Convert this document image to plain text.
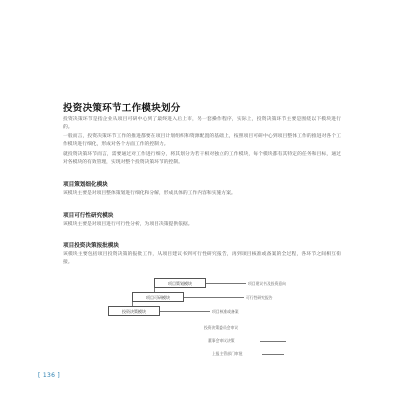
投资决策环节工作模块划分
投资决策环节是指企业从项目可研中心到了最终进入后上市，另一套操作程序，实际上，投资决策环节主要是围绕以下模块进行的。
一般而言，投资决策环节工作的推进都要在项目计划组织和资源配置的基础上，按照项目可研中心到项目整体工作的推进对各个工作模块进行细化，形成对各个方面工作的控制力。
就投资决策环节而言，需要通过对工作进行细分，将其划分为若干相对独立的工作模块，每个模块都有其特定的任务和目标，通过对各模块的有效管理，实现对整个投资决策环节的控制。
项目策划细化模块
该模块主要是对项目整体策划进行细化和分解，形成具体的工作内容和实施方案。
项目可行性研究模块
该模块主要是对项目进行可行性分析，为项目决策提供依据。
项目投资决策报批模块
该模块主要包括项目投资决策的报批工作，从项目建议书到可行性研究报告，再到项目核准或备案的全过程，各环节之间相互衔接。
项目策划模块
项目可研模块
投资决策模块
项目建议书及投资意向
可行性研究报告
项目核准或备案
投资决策委员会审议
董事会审议决策
上报主管部门审批
[ 136 ]
